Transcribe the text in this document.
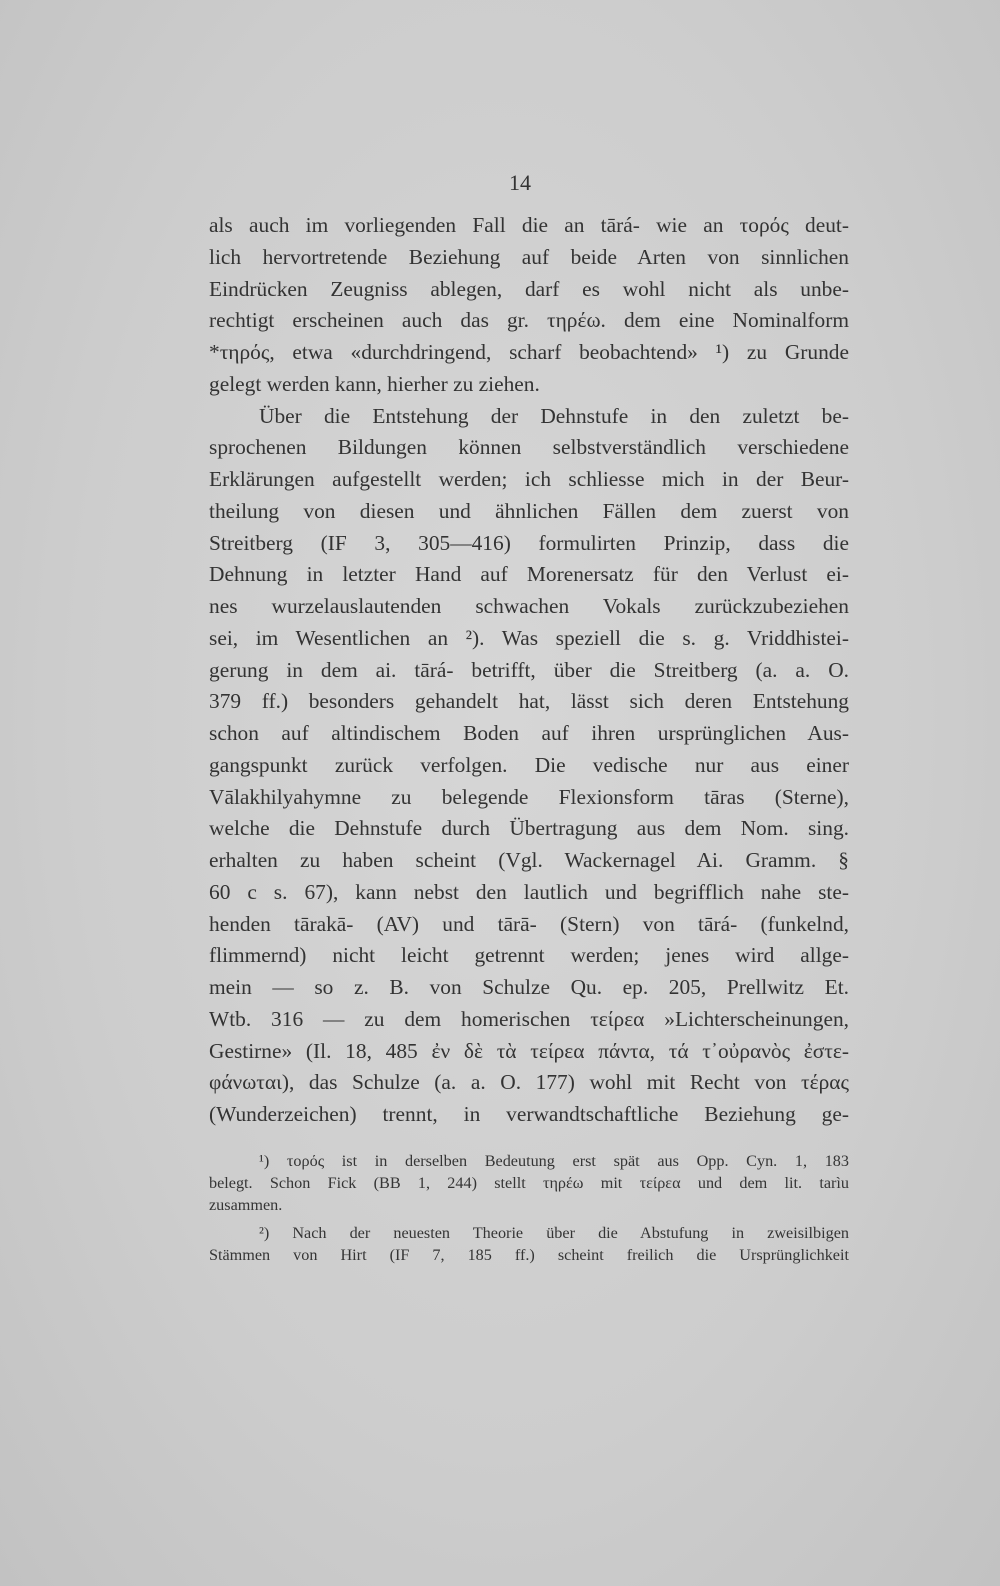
14
als auch im vorliegenden Fall die an tārá- wie an τορός deut-
lich hervortretende Beziehung auf beide Arten von sinnlichen
Eindrücken Zeugniss ablegen, darf es wohl nicht als unbe-
rechtigt erscheinen auch das gr. τηρέω. dem eine Nominalform
*τηρός, etwa «durchdringend, scharf beobachtend» ¹) zu Grunde
gelegt werden kann, hierher zu ziehen.
Über die Entstehung der Dehnstufe in den zuletzt be-
sprochenen Bildungen können selbstverständlich verschiedene
Erklärungen aufgestellt werden; ich schliesse mich in der Beur-
theilung von diesen und ähnlichen Fällen dem zuerst von
Streitberg (IF 3, 305—416) formulirten Prinzip, dass die
Dehnung in letzter Hand auf Morenersatz für den Verlust ei-
nes wurzelauslautenden schwachen Vokals zurückzubeziehen
sei, im Wesentlichen an ²). Was speziell die s. g. Vriddhistei-
gerung in dem ai. tārá- betrifft, über die Streitberg (a. a. O.
379 ff.) besonders gehandelt hat, lässt sich deren Entstehung
schon auf altindischem Boden auf ihren ursprünglichen Aus-
gangspunkt zurück verfolgen. Die vedische nur aus einer
Vālakhilyahymne zu belegende Flexionsform tāras (Sterne),
welche die Dehnstufe durch Übertragung aus dem Nom. sing.
erhalten zu haben scheint (Vgl. Wackernagel Ai. Gramm. §
60 c s. 67), kann nebst den lautlich und begrifflich nahe ste-
henden tārakā- (AV) und tārā- (Stern) von tārá- (funkelnd,
flimmernd) nicht leicht getrennt werden; jenes wird allge-
mein — so z. B. von Schulze Qu. ep. 205, Prellwitz Et.
Wtb. 316 — zu dem homerischen τείρεα »Lichterscheinungen,
Gestirne» (Il. 18, 485 ἐν δὲ τὰ τείρεα πάντα, τά τ᾽οὐρανὸς ἐστε-
φάνωται), das Schulze (a. a. O. 177) wohl mit Recht von τέρας
(Wunderzeichen) trennt, in verwandtschaftliche Beziehung ge-
¹) τορός ist in derselben Bedeutung erst spät aus Opp. Cyn. 1, 183
belegt. Schon Fick (BB 1, 244) stellt τηρέω mit τείρεα und dem lit. tarìu
zusammen.
²) Nach der neuesten Theorie über die Abstufung in zweisilbigen
Stämmen von Hirt (IF 7, 185 ff.) scheint freilich die Ursprünglichkeit
